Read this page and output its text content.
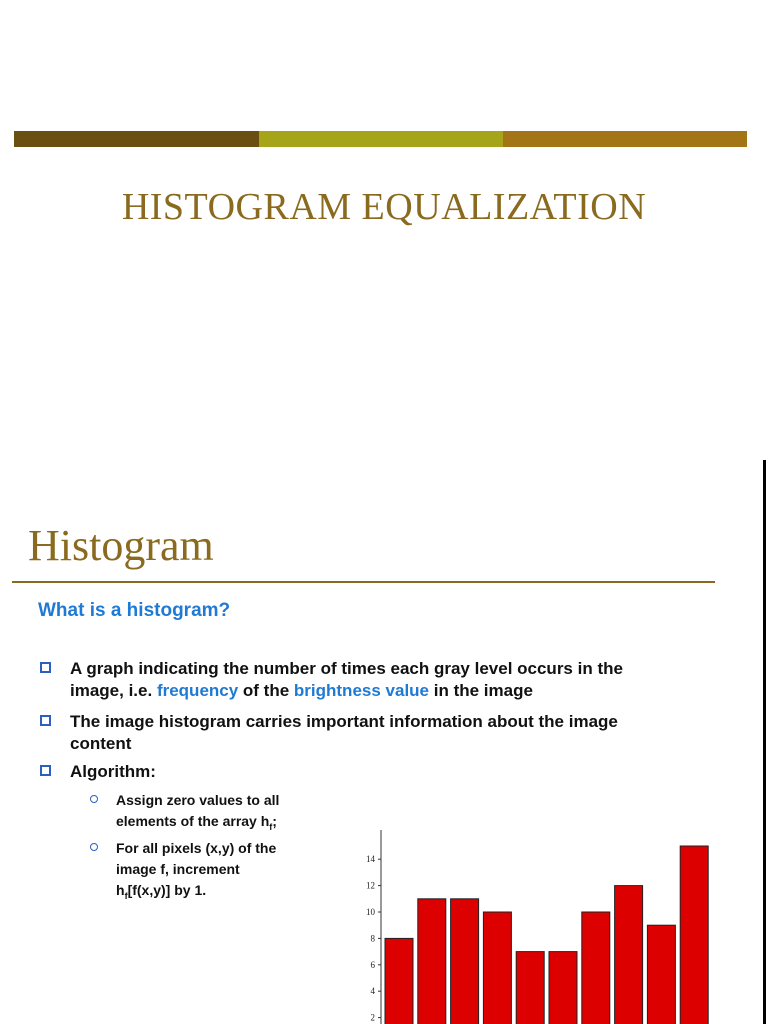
HISTOGRAM EQUALIZATION
Histogram
What is a histogram?
A graph indicating the number of times each gray level occurs in the
image, i.e. frequency of the brightness value in the image
The image histogram carries important information about the image
content
Algorithm:
Assign zero values to all
elements of the array $h_f$;
For all pixels (x,y) of the
image f, increment
$h_f[f(x,y)]$ by 1.
2
4
6
8
10
12
14
